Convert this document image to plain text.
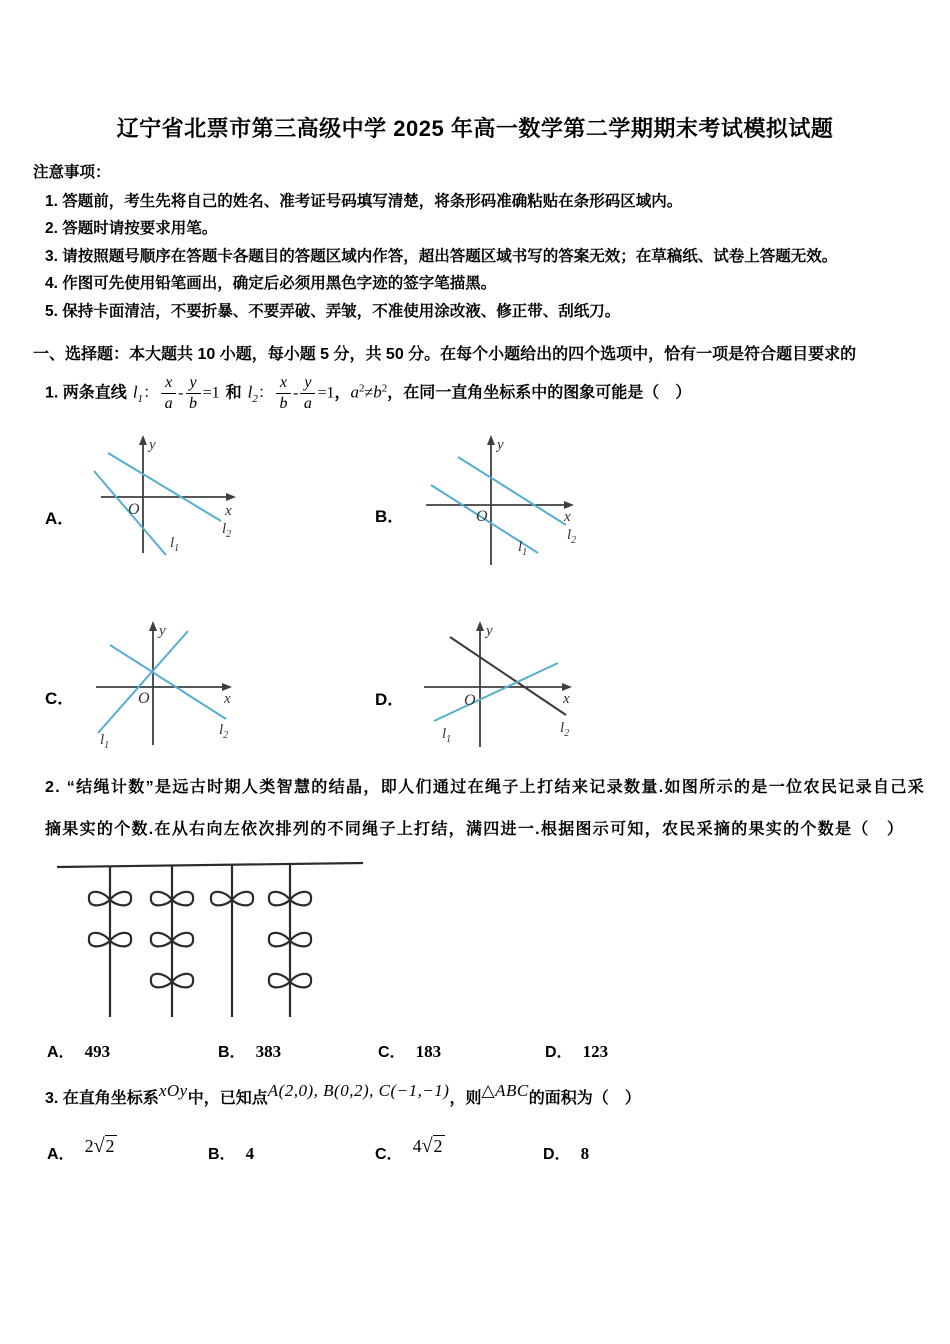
辽宁省北票市第三高级中学 2025 年高一数学第二学期期末考试模拟试题
注意事项：
1. 答题前，考生先将自己的姓名、准考证号码填写清楚，将条形码准确粘贴在条形码区域内。
2. 答题时请按要求用笔。
3. 请按照题号顺序在答题卡各题目的答题区域内作答，超出答题区域书写的答案无效；在草稿纸、试卷上答题无效。
4. 作图可先使用铅笔画出，确定后必须用黑色字迹的签字笔描黑。
5. 保持卡面清洁，不要折暴、不要弄破、弄皱，不准使用涂改液、修正带、刮纸刀。
一、选择题：本大题共 10 小题，每小题 5 分，共 50 分。在每个小题给出的四个选项中，恰有一项是符合题目要求的
1. 两条直线 $l_1$： $\frac{x}{a} - \frac{y}{b} =1$ 和 $l_2$： $\frac{x}{b} - \frac{y}{a} =1$，$a^2\ne b^2$，在同一直角坐标系中的图象可能是（　）
A．
y
x
O
$l_2$
$l_1$
B．
y
x
O
$l_2$
$l_1$
C．
y
x
O
$l_1$
$l_2$
D．
y
x
O
$l_1$
$l_2$
2. “结绳计数”是远古时期人类智慧的结晶，即人们通过在绳子上打结来记录数量.如图所示的是一位农民记录自己采摘果实的个数.在从右向左依次排列的不同绳子上打结，满四进一.根据图示可知，农民采摘的果实的个数是（　）
A． 493	B． 383	C． 183	D． 123
3. 在直角坐标系xOy中，已知点A(2,0), B(0,2), C(−1,−1)，则△ABC的面积为（　）
A． 2√2	B． 4	C． 4√2	D． 8
